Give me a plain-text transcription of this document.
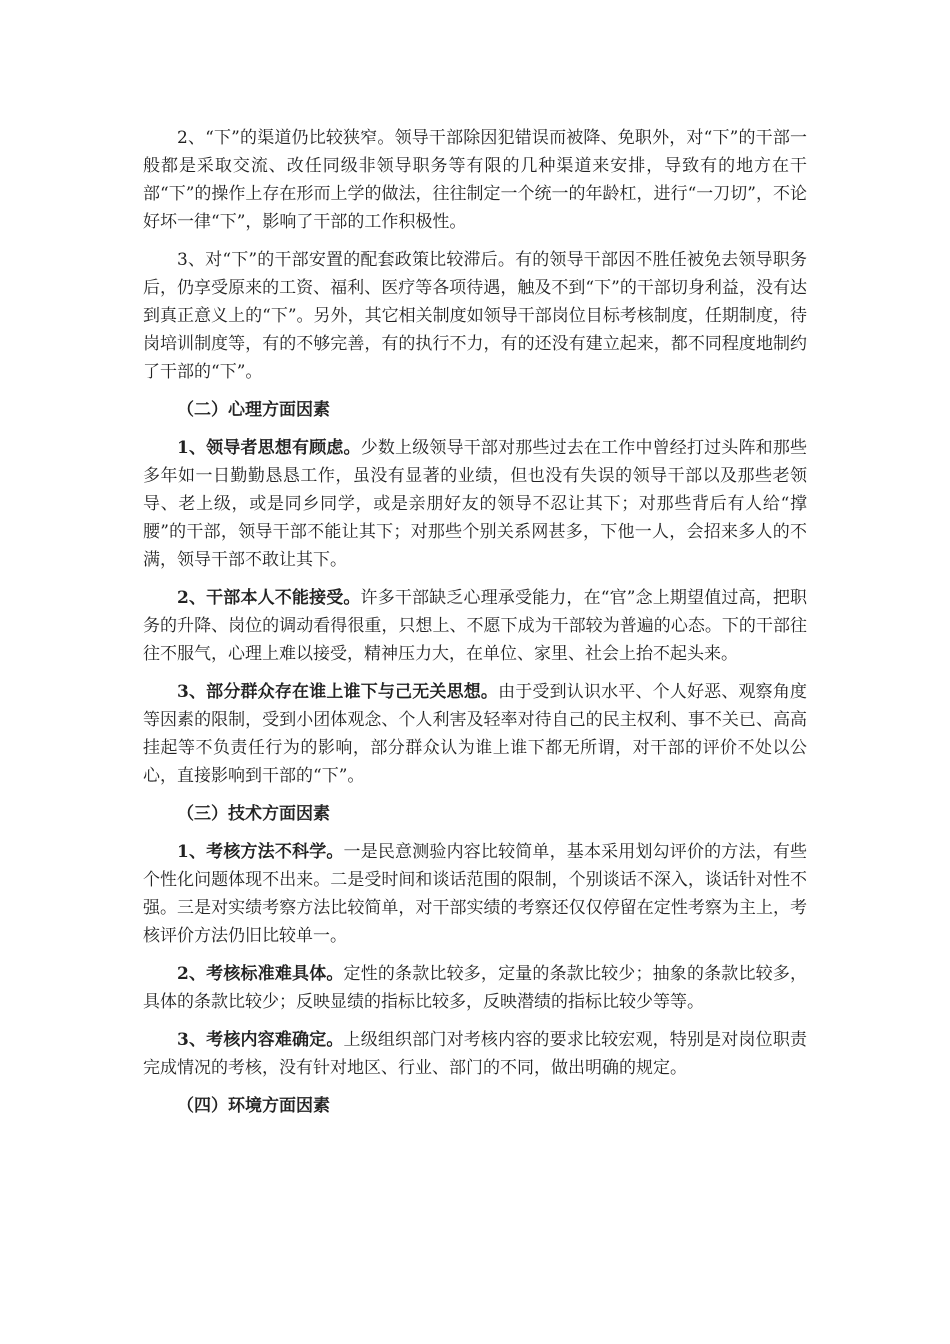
2、“下”的渠道仍比较狭窄。领导干部除因犯错误而被降、免职外，对“下”的干部一般都是采取交流、改任同级非领导职务等有限的几种渠道来安排，导致有的地方在干部“下”的操作上存在形而上学的做法，往往制定一个统一的年龄杠，进行“一刀切”，不论好坏一律“下”，影响了干部的工作积极性。

3、对“下”的干部安置的配套政策比较滞后。有的领导干部因不胜任被免去领导职务后，仍享受原来的工资、福利、医疗等各项待遇，触及不到“下”的干部切身利益，没有达到真正意义上的“下”。另外，其它相关制度如领导干部岗位目标考核制度，任期制度，待岗培训制度等，有的不够完善，有的执行不力，有的还没有建立起来，都不同程度地制约了干部的“下”。

（二）心理方面因素

1、领导者思想有顾虑。少数上级领导干部对那些过去在工作中曾经打过头阵和那些多年如一日勤勤恳恳工作，虽没有显著的业绩，但也没有失误的领导干部以及那些老领导、老上级，或是同乡同学，或是亲朋好友的领导不忍让其下；对那些背后有人给“撑腰”的干部，领导干部不能让其下；对那些个别关系网甚多，下他一人，会招来多人的不满，领导干部不敢让其下。

2、干部本人不能接受。许多干部缺乏心理承受能力，在“官”念上期望值过高，把职务的升降、岗位的调动看得很重，只想上、不愿下成为干部较为普遍的心态。下的干部往往不服气，心理上难以接受，精神压力大，在单位、家里、社会上抬不起头来。

3、部分群众存在谁上谁下与己无关思想。由于受到认识水平、个人好恶、观察角度等因素的限制，受到小团体观念、个人利害及轻率对待自己的民主权利、事不关已、高高挂起等不负责任行为的影响，部分群众认为谁上谁下都无所谓，对干部的评价不处以公心，直接影响到干部的“下”。

（三）技术方面因素

1、考核方法不科学。一是民意测验内容比较简单，基本采用划勾评价的方法，有些个性化问题体现不出来。二是受时间和谈话范围的限制，个别谈话不深入，谈话针对性不强。三是对实绩考察方法比较简单，对干部实绩的考察还仅仅停留在定性考察为主上，考核评价方法仍旧比较单一。

2、考核标准难具体。定性的条款比较多，定量的条款比较少；抽象的条款比较多，具体的条款比较少；反映显绩的指标比较多，反映潜绩的指标比较少等等。

3、考核内容难确定。上级组织部门对考核内容的要求比较宏观，特别是对岗位职责完成情况的考核，没有针对地区、行业、部门的不同，做出明确的规定。

（四）环境方面因素
